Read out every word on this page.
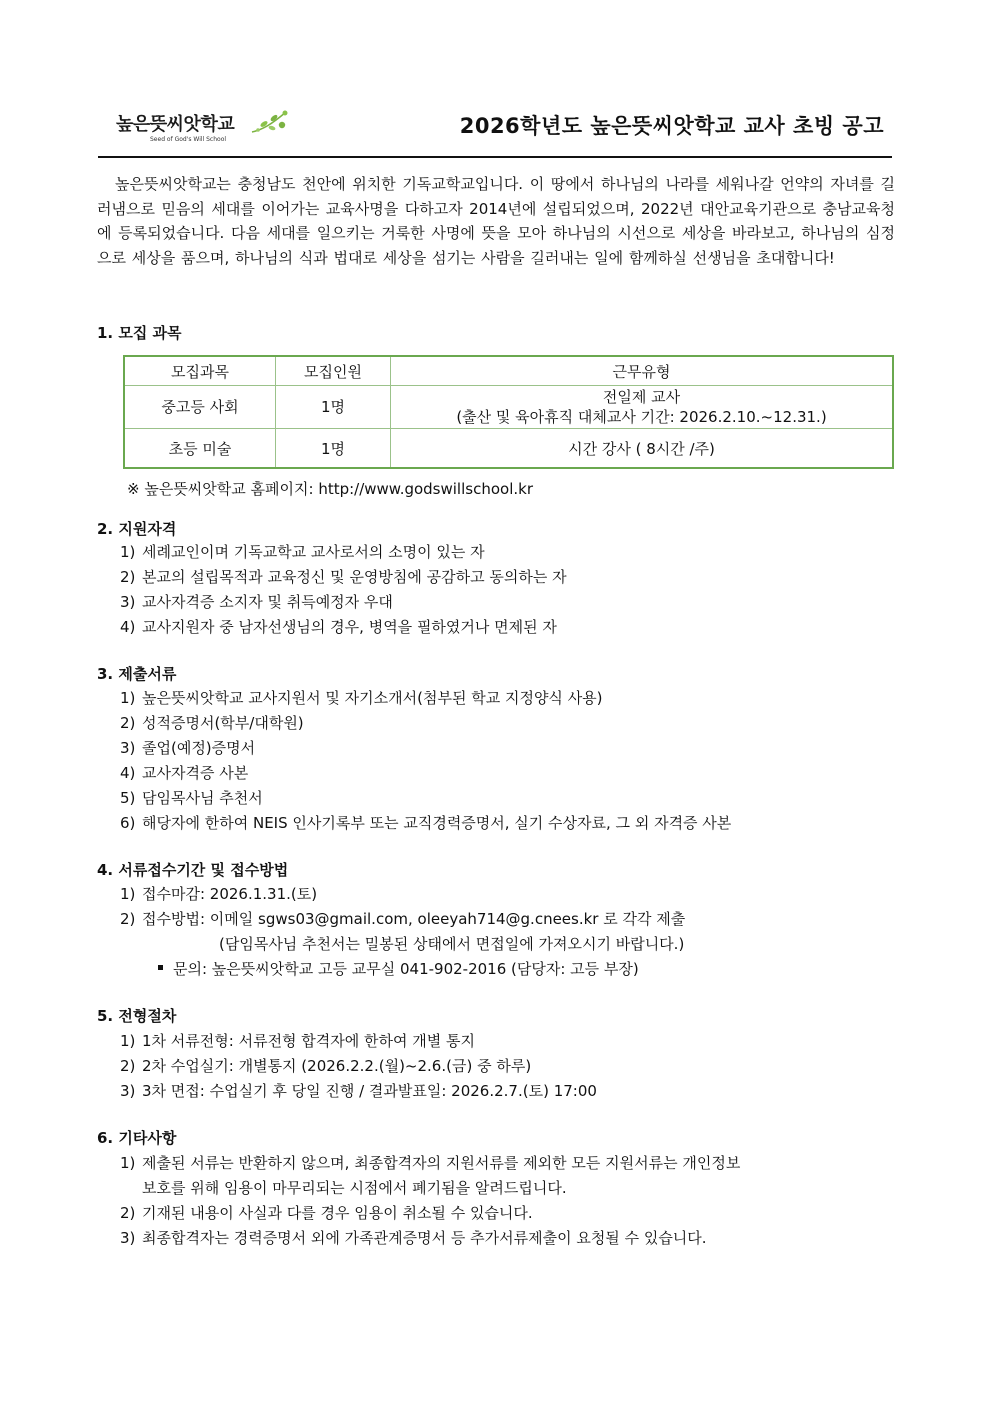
높은뜻씨앗학교
Seed of God's Will School
2026학년도 높은뜻씨앗학교 교사 초빙 공고
높은뜻씨앗학교는 충청남도 천안에 위치한 기독교학교입니다. 이 땅에서 하나님의 나라를 세워나갈 언약의 자녀를 길러냄으로 믿음의 세대를 이어가는 교육사명을 다하고자 2014년에 설립되었으며, 2022년 대안교육기관으로 충남교육청에 등록되었습니다. 다음 세대를 일으키는 거룩한 사명에 뜻을 모아 하나님의 시선으로 세상을 바라보고, 하나님의 심정으로 세상을 품으며, 하나님의 식과 법대로 세상을 섬기는 사람을 길러내는 일에 함께하실 선생님을 초대합니다!
1. 모집 과목
모집과목	모집인원	근무유형
중고등 사회	1명	전일제 교사
(출산 및 육아휴직 대체교사 기간: 2026.2.10.~12.31.)

초등 미술	1명	시간 강사 ( 8시간 /주)
※ 높은뜻씨앗학교 홈페이지: http://www.godswillschool.kr
2. 지원자격
1) 세례교인이며 기독교학교 교사로서의 소명이 있는 자
2) 본교의 설립목적과 교육정신 및 운영방침에 공감하고 동의하는 자
3) 교사자격증 소지자 및 취득예정자 우대
4) 교사지원자 중 남자선생님의 경우, 병역을 필하였거나 면제된 자
3. 제출서류
1) 높은뜻씨앗학교 교사지원서 및 자기소개서(첨부된 학교 지정양식 사용)
2) 성적증명서(학부/대학원)
3) 졸업(예정)증명서
4) 교사자격증 사본
5) 담임목사님 추천서
6) 해당자에 한하여 NEIS 인사기록부 또는 교직경력증명서, 실기 수상자료, 그 외 자격증 사본
4. 서류접수기간 및 접수방법
1) 접수마감: 2026.1.31.(토)
2) 접수방법: 이메일 sgws03@gmail.com, oleeyah714@g.cnees.kr 로 각각 제출
(담임목사님 추천서는 밀봉된 상태에서 면접일에 가져오시기 바랍니다.)
문의: 높은뜻씨앗학교 고등 교무실 041-902-2016 (담당자: 고등 부장)
5. 전형절차
1) 1차 서류전형: 서류전형 합격자에 한하여 개별 통지
2) 2차 수업실기: 개별통지 (2026.2.2.(월)~2.6.(금) 중 하루)
3) 3차 면접: 수업실기 후 당일 진행 / 결과발표일: 2026.2.7.(토) 17:00
6. 기타사항
1) 제출된 서류는 반환하지 않으며, 최종합격자의 지원서류를 제외한 모든 지원서류는 개인정보
보호를 위해 임용이 마무리되는 시점에서 폐기됨을 알려드립니다.
2) 기재된 내용이 사실과 다를 경우 임용이 취소될 수 있습니다.
3) 최종합격자는 경력증명서 외에 가족관계증명서 등 추가서류제출이 요청될 수 있습니다.
